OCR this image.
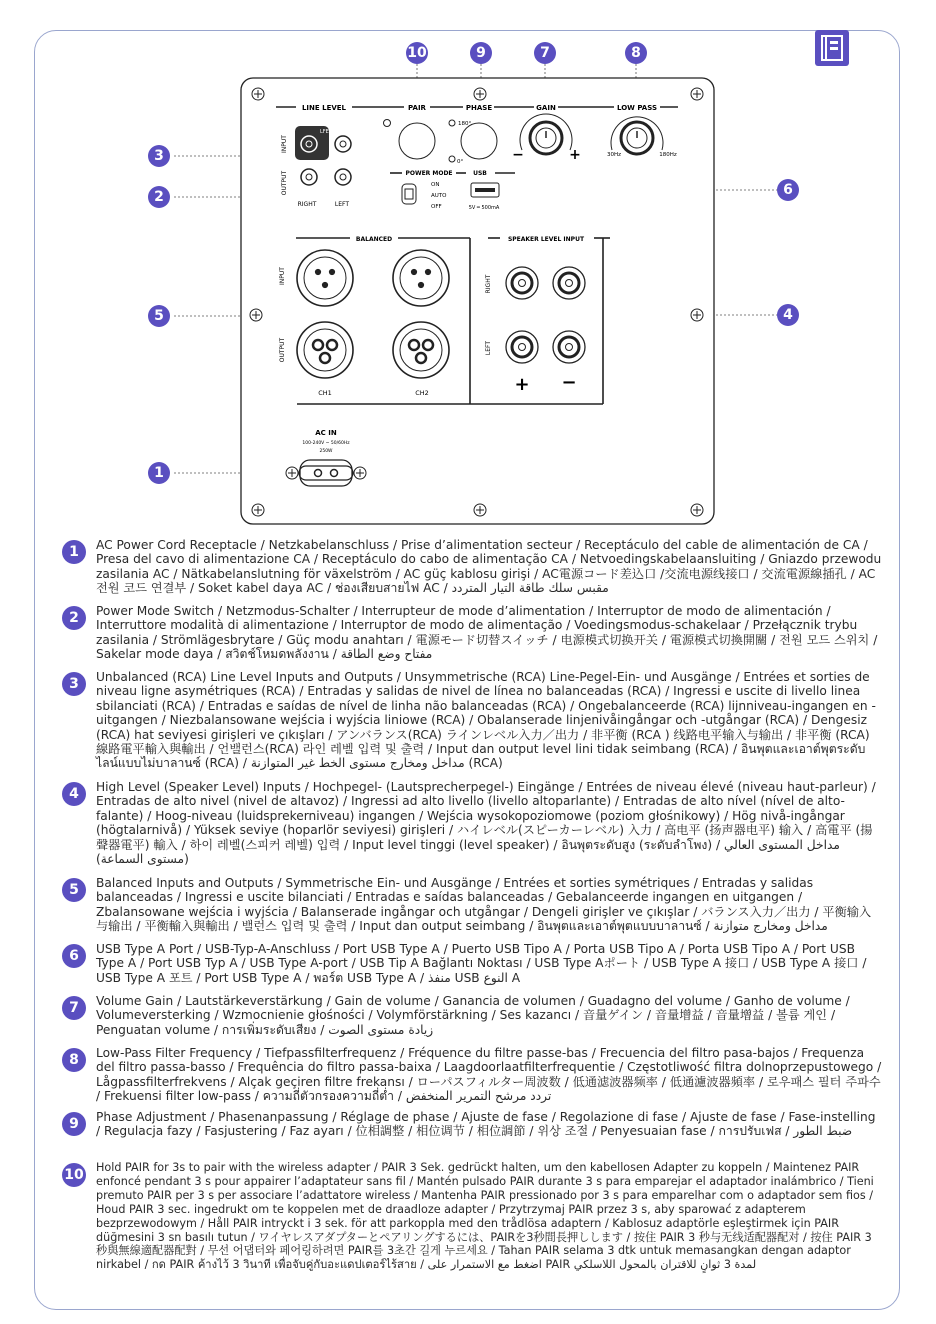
LINE LEVEL	PAIR	PHASE	GAIN	LOW PASS
INPUT
OUTPUT
LFE
RIGHT	LEFT
180°
0°	−	+	30Hz	180Hz
POWER MODE
ON
AUTO
OFF
USB
5V ═ 500mA
BALANCED
INPUT
OUTPUT
CH1	CH2
SPEAKER LEVEL INPUT
RIGHT
LEFT
+ −
AC IN
100-240V ~ 50/60Hz
250W
10	9	7	8
3
2	6
5	4
1
1	AC Power Cord Receptacle / Netzkabelanschluss / Prise d’alimentation secteur / Receptáculo del cable de alimentación de CA / Presa del cavo di alimentazione CA / Receptáculo do cabo de alimentação CA / Netvoedingskabelaansluiting / Gniazdo przewodu zasilania AC / Nätkabelanslutning för växelström / AC güç kablosu girişi / AC電源コード差込口 /交流电源线接口 / 交流電源線插孔 / AC 전원 코드 연결부 / Soket kabel daya AC / ช่องเสียบสายไฟ AC / مقبس سلك طاقة التيار المتردد
2	Power Mode Switch / Netzmodus-Schalter / Interrupteur de mode d’alimentation / Interruptor de modo de alimentación / Interruttore modalità di alimentazione / Interruptor de modo de alimentação / Voedingsmodus-schakelaar / Przełącznik trybu zasilania / Strömlägesbrytare / Güç modu anahtarı / 電源モード切替スイッチ / 电源模式切换开关 / 電源模式切換開關 / 전원 모드 스위치 / Sakelar mode daya / สวิตช์โหมดพลังงาน / مفتاح وضع الطاقة
3	Unbalanced (RCA) Line Level Inputs and Outputs / Unsymmetrische (RCA) Line-Pegel-Ein- und Ausgänge / Entrées et sorties de niveau ligne asymétriques (RCA) / Entradas y salidas de nivel de línea no balanceadas (RCA) / Ingressi e uscite di livello linea sbilanciati (RCA) / Entradas e saídas de nível de linha não balanceadas (RCA) / Ongebalanceerde (RCA) lijnniveau-ingangen en -uitgangen / Niezbalansowane wejścia i wyjścia liniowe (RCA) / Obalanserade linjenivåingångar och -utgångar (RCA) / Dengesiz (RCA) hat seviyesi girişleri ve çıkışları / アンバランス(RCA) ラインレベル入力／出力 / 非平衡 (RCA ) 线路电平输入与输出 / 非平衡 (RCA) 線路電平輸入與輸出 / 언밸런스(RCA) 라인 레벨 입력 및 출력 / Input dan output level lini tidak seimbang (RCA) / อินพุตและเอาต์พุตระดับไลน์แบบไม่บาลานซ์ (RCA) / مداخل ومخارج مستوى الخط غير المتوازنة (RCA)
4	High Level (Speaker Level) Inputs / Hochpegel- (Lautsprecherpegel-) Eingänge / Entrées de niveau élevé (niveau haut-parleur) / Entradas de alto nivel (nivel de altavoz) / Ingressi ad alto livello (livello altoparlante) / Entradas de alto nível (nível de alto-falante) / Hoog-niveau (luidsprekerniveau) ingangen / Wejścia wysokopoziomowe (poziom głośnikowy) / Hög nivå-ingångar (högtalarnivå) / Yüksek seviye (hoparlör seviyesi) girişleri / ハイレベル(スピーカーレベル) 入力 / 高电平 (扬声器电平) 输入 / 高電平 (揚聲器電平) 輸入 / 하이 레벨(스피커 레벨) 입력 / Input level tinggi (level speaker) / อินพุตระดับสูง (ระดับลำโพง) / مداخل المستوى العالي (مستوى السماعة)
5	Balanced Inputs and Outputs / Symmetrische Ein- und Ausgänge / Entrées et sorties symétriques / Entradas y salidas balanceadas / Ingressi e uscite bilanciati / Entradas e saídas balanceadas / Gebalanceerde ingangen en uitgangen / Zbalansowane wejścia i wyjścia / Balanserade ingångar och utgångar / Dengeli girişler ve çıkışlar / バランス入力／出力 / 平衡输入与输出 / 平衡輸入與輸出 / 밸런스 입력 및 출력 / Input dan output seimbang / อินพุตและเอาต์พุตแบบบาลานซ์ / مداخل ومخارج متوازنة
6	USB Type A Port / USB-Typ-A-Anschluss / Port USB Type A / Puerto USB Tipo A / Porta USB Tipo A / Porta USB Tipo A / Port USB Type A / Port USB Typ A / USB Type A-port / USB Tip A Bağlantı Noktası / USB Type Aポート / USB Type A 接口 / USB Type A 接口 / USB Type A 포트 / Port USB Type A / พอร์ต USB Type A / منفذ USB النوع A
7	Volume Gain / Lautstärkeverstärkung / Gain de volume / Ganancia de volumen / Guadagno del volume / Ganho de volume / Volumeversterking / Wzmocnienie głośności / Volymförstärkning / Ses kazancı / 音量ゲイン / 音量增益 / 音量增益 / 볼륨 게인 / Penguatan volume / การเพิ่มระดับเสียง / زيادة مستوى الصوت
8	Low-Pass Filter Frequency / Tiefpassfilterfrequenz / Fréquence du filtre passe-bas / Frecuencia del filtro pasa-bajos / Frequenza del filtro passa-basso / Frequência do filtro passa-baixa / Laagdoorlaatfilterfrequentie / Częstotliwość filtra dolnoprzepustowego / Lågpassfilterfrekvens / Alçak geçiren filtre frekansı / ローパスフィルター周波数 / 低通滤波器频率 / 低通濾波器頻率 / 로우패스 필터 주파수 / Frekuensi filter low-pass / ความถี่ตัวกรองความถี่ต่ำ / تردد مرشح التمرير المنخفض
9	Phase Adjustment / Phasenanpassung / Réglage de phase / Ajuste de fase / Regolazione di fase / Ajuste de fase / Fase-instelling / Regulacja fazy / Fasjustering / Faz ayarı / 位相調整 / 相位调节 / 相位調節 / 위상 조절 / Penyesuaian fase / การปรับเฟส / ضبط الطور
10 Hold PAIR for 3s to pair with the wireless adapter / PAIR 3 Sek. gedrückt halten, um den kabellosen Adapter zu koppeln / Maintenez PAIR enfoncé pendant 3 s pour appairer l’adaptateur sans fil / Mantén pulsado PAIR durante 3 s para emparejar el adaptador inalámbrico / Tieni premuto PAIR per 3 s per associare l’adattatore wireless / Mantenha PAIR pressionado por 3 s para emparelhar com o adaptador sem fios / Houd PAIR 3 sec. ingedrukt om te koppelen met de draadloze adapter / Przytrzymaj PAIR przez 3 s, aby sparować z adapterem bezprzewodowym / Håll PAIR intryckt i 3 sek. för att parkoppla med den trådlösa adaptern / Kablosuz adaptörle eşleştirmek için PAIR düğmesini 3 sn basılı tutun / ワイヤレスアダプターとペアリングするには、PAIRを3秒間長押しします / 按住 PAIR 3 秒与无线适配器配对 / 按住 PAIR 3 秒與無線適配器配對 / 무선 어댑터와 페어링하려면 PAIR를 3초간 길게 누르세요 / Tahan PAIR selama 3 dtk untuk memasangkan dengan adaptor nirkabel / กด PAIR ค้างไว้ 3 วินาที เพื่อจับคู่กับอะแดปเตอร์ไร้สาย / اضغط مع الاستمرار على PAIR لمدة 3 ثوانٍ للاقتران بالمحول اللاسلكي
